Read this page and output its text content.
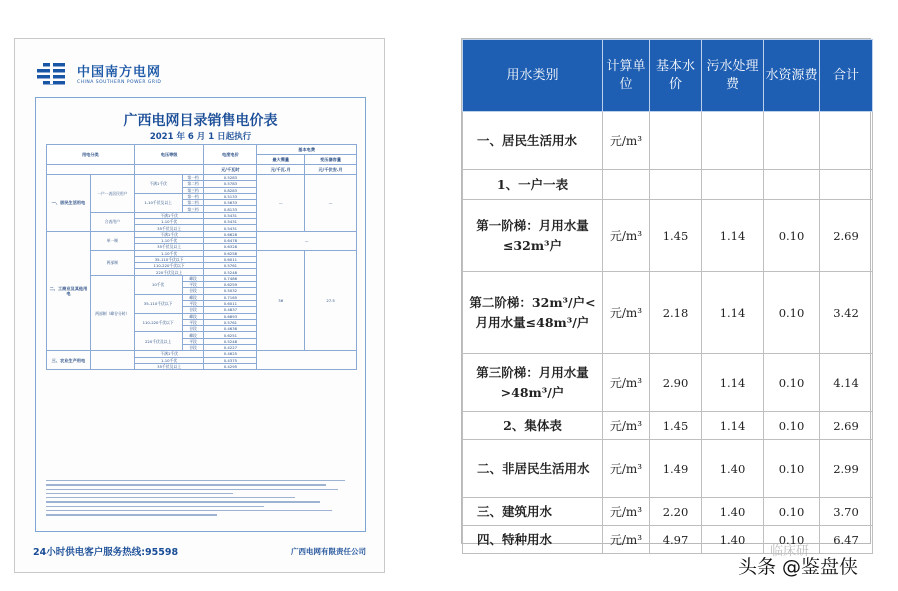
中国南方电网
CHINA SOUTHERN POWER GRID
广西电网目录销售电价表
2021 年 6 月 1 日起执行
用电分类		电压等级		电度电价	基本电费	
					最大需量	变压器容量
				元/千瓦时	元/千瓦.月	元/千伏安.月
一、居民生活用电	一户一表居民用户	不满1千伏	第一档	0.5283	—	—
			第二档	0.5783		
			第三档	0.8283		
		1-10千伏及以上	第一档	0.5133		
			第二档	0.5633		
			第三档	0.8133		
	合表用户	不满1千伏		0.5431		
		1-10千伏		0.5431		
		35千伏及以上		0.5431		
二、工商业及其他用电	单一制	不满1千伏		0.6628	—	
		1-10千伏		0.6478		
		35千伏及以上		0.6328		
	两部制	1-10千伏		0.6258	36	27.5
		35-110千伏以下		0.6011		
		110-220千伏以下		0.5761		
		220千伏及以上		0.5248		
	两部制（峰谷分时）	10千伏	峰段	0.7486		
			平段	0.6259		
			谷段	0.5032		
		35-110千伏以下	峰段	0.7165		
			平段	0.6011		
			谷段	0.4837		
		110-220千伏以下	峰段	0.6893		
			平段	0.5761		
			谷段	0.4638		
		220千伏及以上	峰段	0.6251		
			平段	0.5248		
			谷段	0.4227		
三、农业生产用电		不满1千伏		0.4625		
		1-10千伏		0.4375		
		35千伏及以上		0.4295		
24小时供电客户服务热线:95598	广西电网有限责任公司
用水类别	计算单位	基本水价	污水处理费	水资源费	合计
一、居民生活用水	元/m³				
1、一户一表					
第一阶梯：月用水量≤32m³户	元/m³	1.45	1.14	0.10	2.69
第二阶梯：32m³/户<月用水量≤48m³/户	元/m³	2.18	1.14	0.10	3.42
第三阶梯：月用水量>48m³/户	元/m³	2.90	1.14	0.10	4.14
2、集体表	元/m³	1.45	1.14	0.10	2.69
二、非居民生活用水	元/m³	1.49	1.40	0.10	2.99
三、建筑用水	元/m³	2.20	1.40	0.10	3.70
四、特种用水	元/m³	4.97	1.40	0.10	6.47
临床研
头条 @鉴盘侠
